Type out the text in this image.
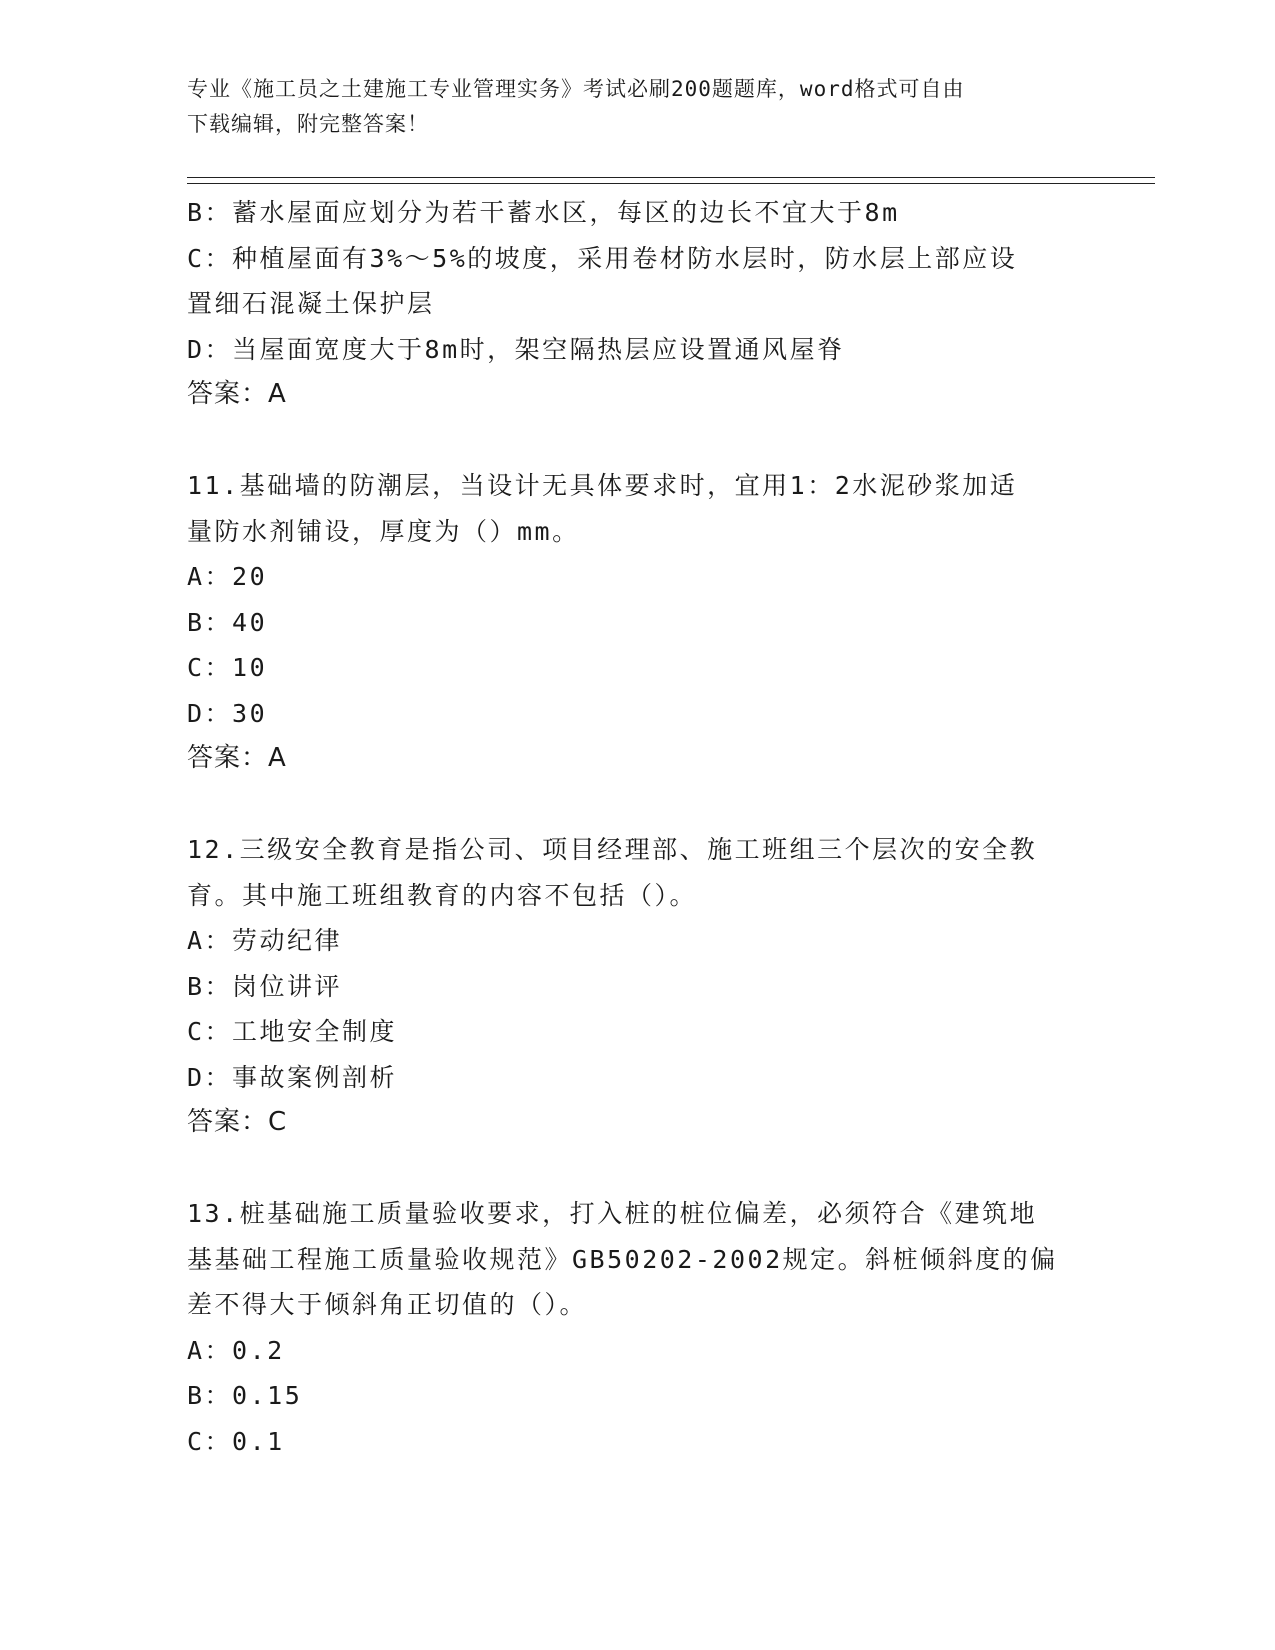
专业《施工员之土建施工专业管理实务》考试必刷200题题库，word格式可自由
下载编辑，附完整答案！
B：蓄水屋面应划分为若干蓄水区，每区的边长不宜大于8m
C：种植屋面有3%～5%的坡度，采用卷材防水层时，防水层上部应设
置细石混凝土保护层
D：当屋面宽度大于8m时，架空隔热层应设置通风屋脊
答案：A
11.基础墙的防潮层，当设计无具体要求时，宜用1：2水泥砂浆加适
量防水剂铺设，厚度为（）mm。
A：20
B：40
C：10
D：30
答案：A
12.三级安全教育是指公司、项目经理部、施工班组三个层次的安全教
育。其中施工班组教育的内容不包括（）。
A：劳动纪律
B：岗位讲评
C：工地安全制度
D：事故案例剖析
答案：C
13.桩基础施工质量验收要求，打入桩的桩位偏差，必须符合《建筑地
基基础工程施工质量验收规范》GB50202-2002规定。斜桩倾斜度的偏
差不得大于倾斜角正切值的（）。
A：0.2
B：0.15
C：0.1
